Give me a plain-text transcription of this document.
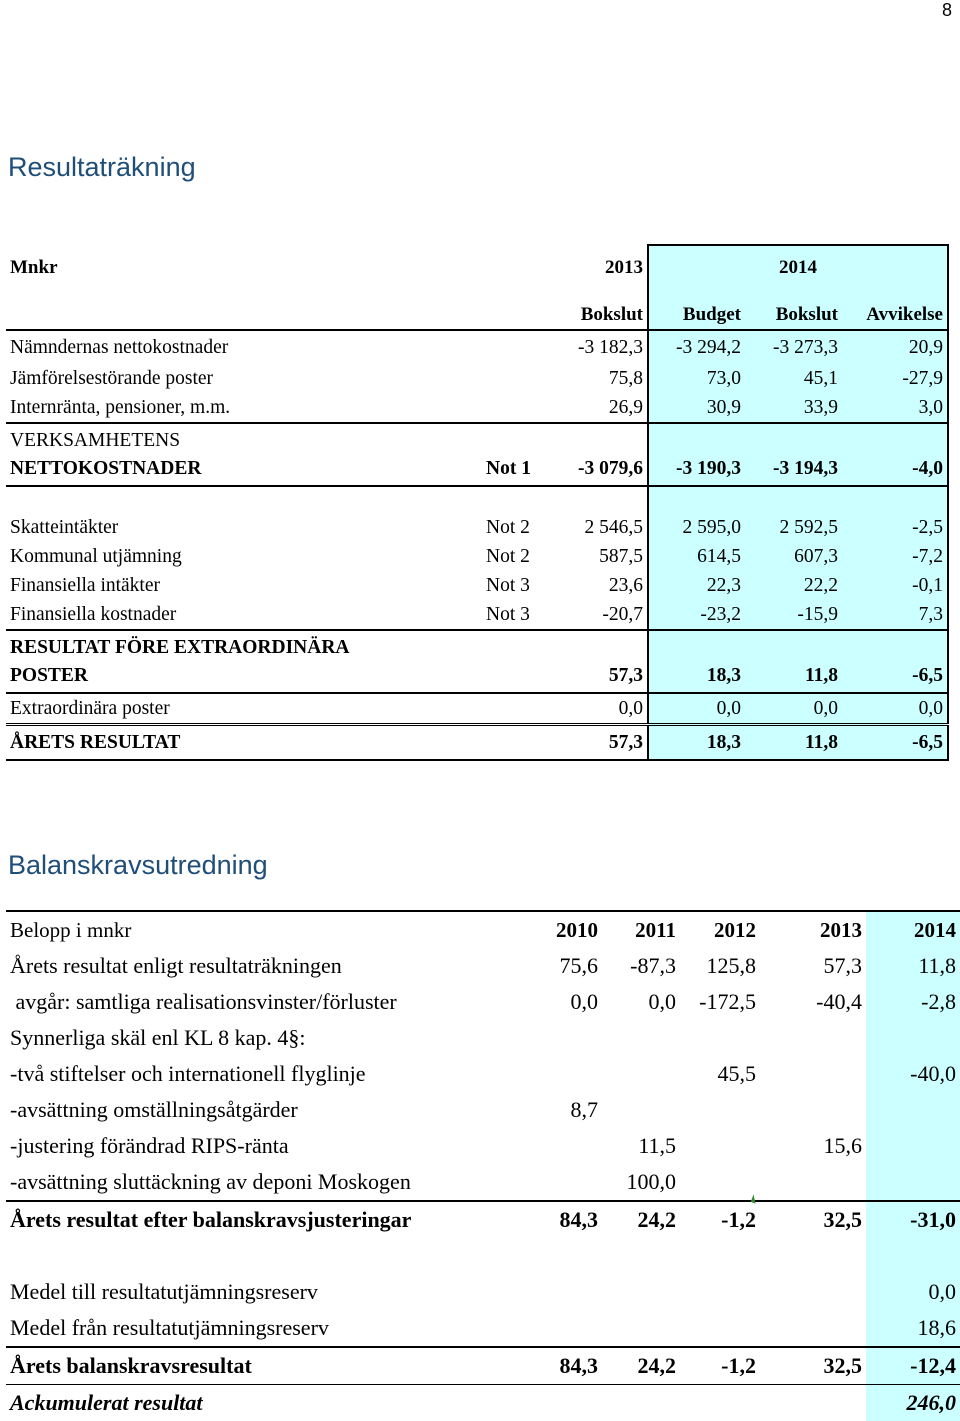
8
Resultaträkning
Mnkr		2013	2014		
		Bokslut	Budget	Bokslut	Avvikelse
Nämndernas nettokostnader		-3 182,3	-3 294,2	-3 273,3	20,9
Jämförelsestörande poster		75,8	73,0	45,1	-27,9
Internränta, pensioner, m.m.		26,9	30,9	33,9	3,0
VERKSAMHETENS					
NETTOKOSTNADER	Not 1	-3 079,6	-3 190,3	-3 194,3	-4,0

Skatteintäkter	Not 2	2 546,5	2 595,0	2 592,5	-2,5
Kommunal utjämning	Not 2	587,5	614,5	607,3	-7,2
Finansiella intäkter	Not 3	23,6	22,3	22,2	-0,1
Finansiella kostnader	Not 3	-20,7	-23,2	-15,9	7,3
RESULTAT FÖRE EXTRAORDINÄRA					
POSTER		57,3	18,3	11,8	-6,5
Extraordinära poster		0,0	0,0	0,0	0,0
ÅRETS RESULTAT		57,3	18,3	11,8	-6,5
Balanskravsutredning
Belopp i mnkr	2010	2011	2012	2013	2014
Årets resultat enligt resultaträkningen	75,6	-87,3	125,8	57,3	11,8
avgår: samtliga realisationsvinster/förluster	0,0	0,0	-172,5	-40,4	-2,8
Synnerliga skäl enl KL 8 kap. 4§:					
-två stiftelser och internationell flyglinje			45,5		-40,0
-avsättning omställningsåtgärder	8,7				
-justering förändrad RIPS-ränta		11,5		15,6	
-avsättning sluttäckning av deponi Moskogen		100,0			
Årets resultat efter balanskravsjusteringar	84,3	24,2	-1,2	32,5	-31,0

Medel till resultatutjämningsreserv					0,0
Medel från resultatutjämningsreserv					18,6
Årets balanskravsresultat	84,3	24,2	-1,2	32,5	-12,4
Ackumulerat resultat					246,0
